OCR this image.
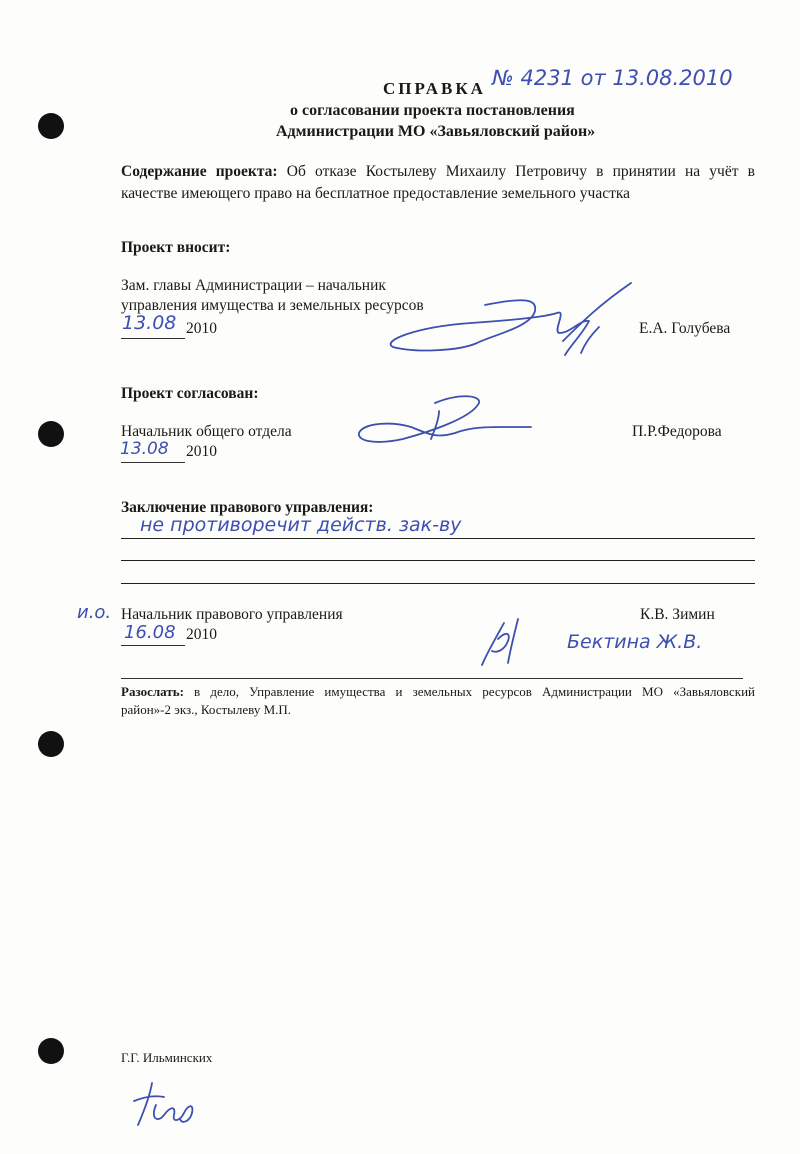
СПРАВКА № 4231 от 13.08.2010
о согласовании проекта постановления
Администрации МО «Завьяловский район»
Содержание проекта: Об отказе Костылеву Михаилу Петровичу в принятии на учёт в
качестве имеющего право на бесплатное предоставление земельного участка
Проект вносит:
Зам. главы Администрации – начальник
управления имущества и земельных ресурсов
13.08 2010	Е.А. Голубева
Проект согласован:
Начальник общего отдела
13.08 2010
П.Р.Федорова
Заключение правового управления:
не противоречит действ. зак-ву
и.о. Начальник правового управления
16.08 2010
К.В. Зимин
Бектина Ж.В.
Разослать: в дело, Управление имущества и земельных ресурсов Администрации МО «Завьяловский
район»-2 экз., Костылеву М.П.
Г.Г. Ильминских
